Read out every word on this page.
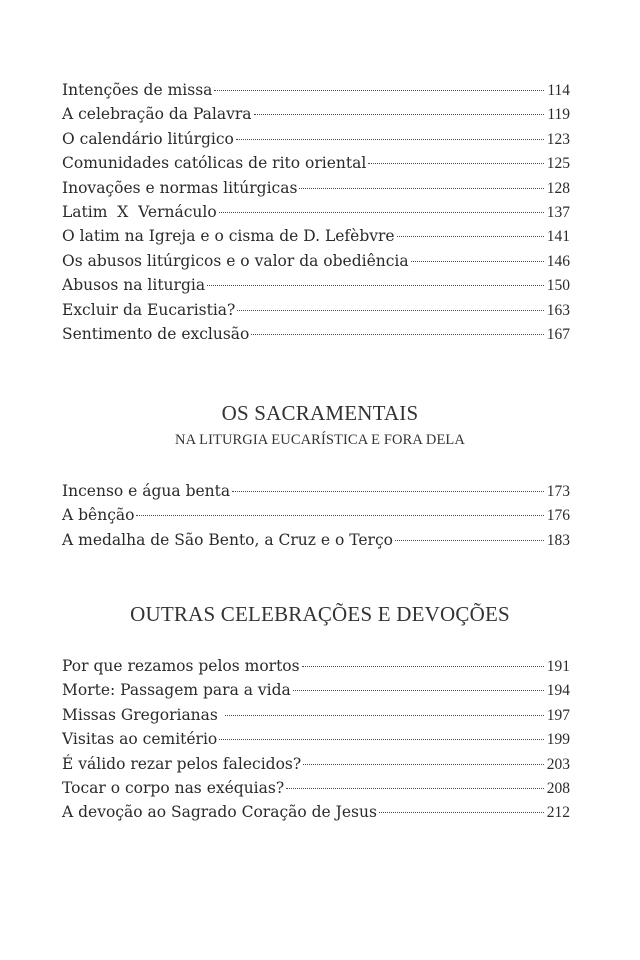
Intenções de missa	114
A celebração da Palavra	119
O calendário litúrgico	123
Comunidades católicas de rito oriental	125
Inovações e normas litúrgicas	128
Latim  X  Vernáculo	137
O latim na Igreja e o cisma de D. Lefèbvre	141
Os abusos litúrgicos e o valor da obediência	146
Abusos na liturgia	150
Excluir da Eucaristia?	163
Sentimento de exclusão	167
OS SACRAMENTAIS
NA LITURGIA EUCARÍSTICA E FORA DELA
Incenso e água benta	173
A bênção	176
A medalha de São Bento, a Cruz e o Terço	183
OUTRAS CELEBRAÇÕES E DEVOÇÕES
Por que rezamos pelos mortos	191
Morte: Passagem para a vida	194
Missas Gregorianas	197
Visitas ao cemitério	199
É válido rezar pelos falecidos?	203
Tocar o corpo nas exéquias?	208
A devoção ao Sagrado Coração de Jesus	212
